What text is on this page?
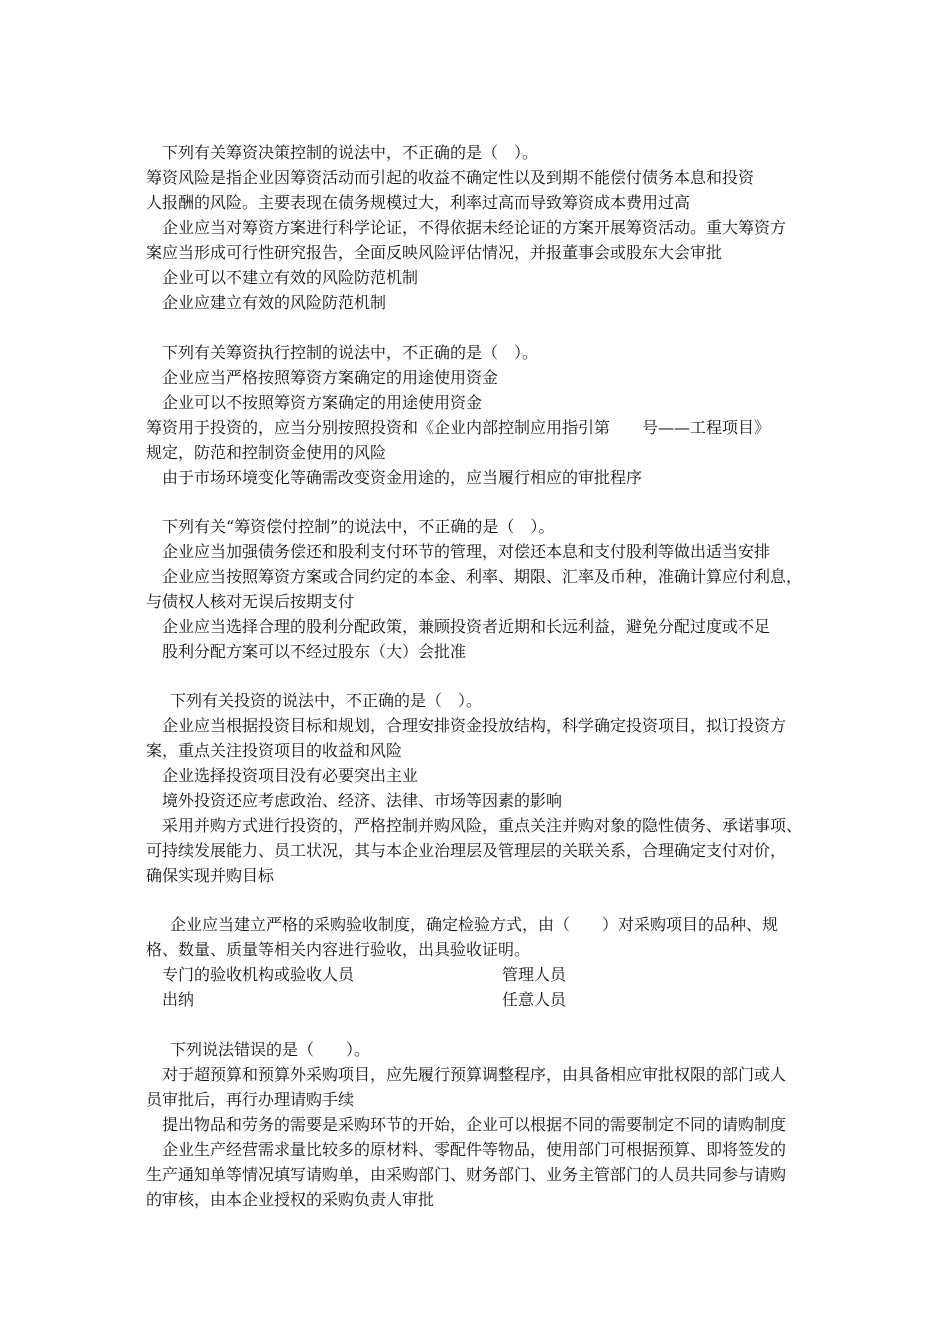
下列有关筹资决策控制的说法中，不正确的是（　）。
筹资风险是指企业因筹资活动而引起的收益不确定性以及到期不能偿付债务本息和投资
人报酬的风险。主要表现在债务规模过大，利率过高而导致筹资成本费用过高
企业应当对筹资方案进行科学论证，不得依据未经论证的方案开展筹资活动。重大筹资方
案应当形成可行性研究报告，全面反映风险评估情况，并报董事会或股东大会审批
企业可以不建立有效的风险防范机制
企业应建立有效的风险防范机制
下列有关筹资执行控制的说法中，不正确的是（　）。
企业应当严格按照筹资方案确定的用途使用资金
企业可以不按照筹资方案确定的用途使用资金
筹资用于投资的，应当分别按照投资和《企业内部控制应用指引第　　号——工程项目》
规定，防范和控制资金使用的风险
由于市场环境变化等确需改变资金用途的，应当履行相应的审批程序
下列有关“筹资偿付控制”的说法中，不正确的是（　）。
企业应当加强债务偿还和股利支付环节的管理，对偿还本息和支付股利等做出适当安排
企业应当按照筹资方案或合同约定的本金、利率、期限、汇率及币种，准确计算应付利息，
与债权人核对无误后按期支付
企业应当选择合理的股利分配政策，兼顾投资者近期和长远利益，避免分配过度或不足
股利分配方案可以不经过股东（大）会批准
下列有关投资的说法中，不正确的是（　）。
企业应当根据投资目标和规划，合理安排资金投放结构，科学确定投资项目，拟订投资方
案，重点关注投资项目的收益和风险
企业选择投资项目没有必要突出主业
境外投资还应考虑政治、经济、法律、市场等因素的影响
采用并购方式进行投资的，严格控制并购风险，重点关注并购对象的隐性债务、承诺事项、
可持续发展能力、员工状况，其与本企业治理层及管理层的关联关系，合理确定支付对价，
确保实现并购目标
企业应当建立严格的采购验收制度，确定检验方式，由（　　）对采购项目的品种、规
格、数量、质量等相关内容进行验收，出具验收证明。
专门的验收机构或验收人员	管理人员
出纳	任意人员
下列说法错误的是（　　）。
对于超预算和预算外采购项目，应先履行预算调整程序，由具备相应审批权限的部门或人
员审批后，再行办理请购手续
提出物品和劳务的需要是采购环节的开始，企业可以根据不同的需要制定不同的请购制度
企业生产经营需求量比较多的原材料、零配件等物品，使用部门可根据预算、即将签发的
生产通知单等情况填写请购单，由采购部门、财务部门、业务主管部门的人员共同参与请购
的审核，由本企业授权的采购负责人审批
